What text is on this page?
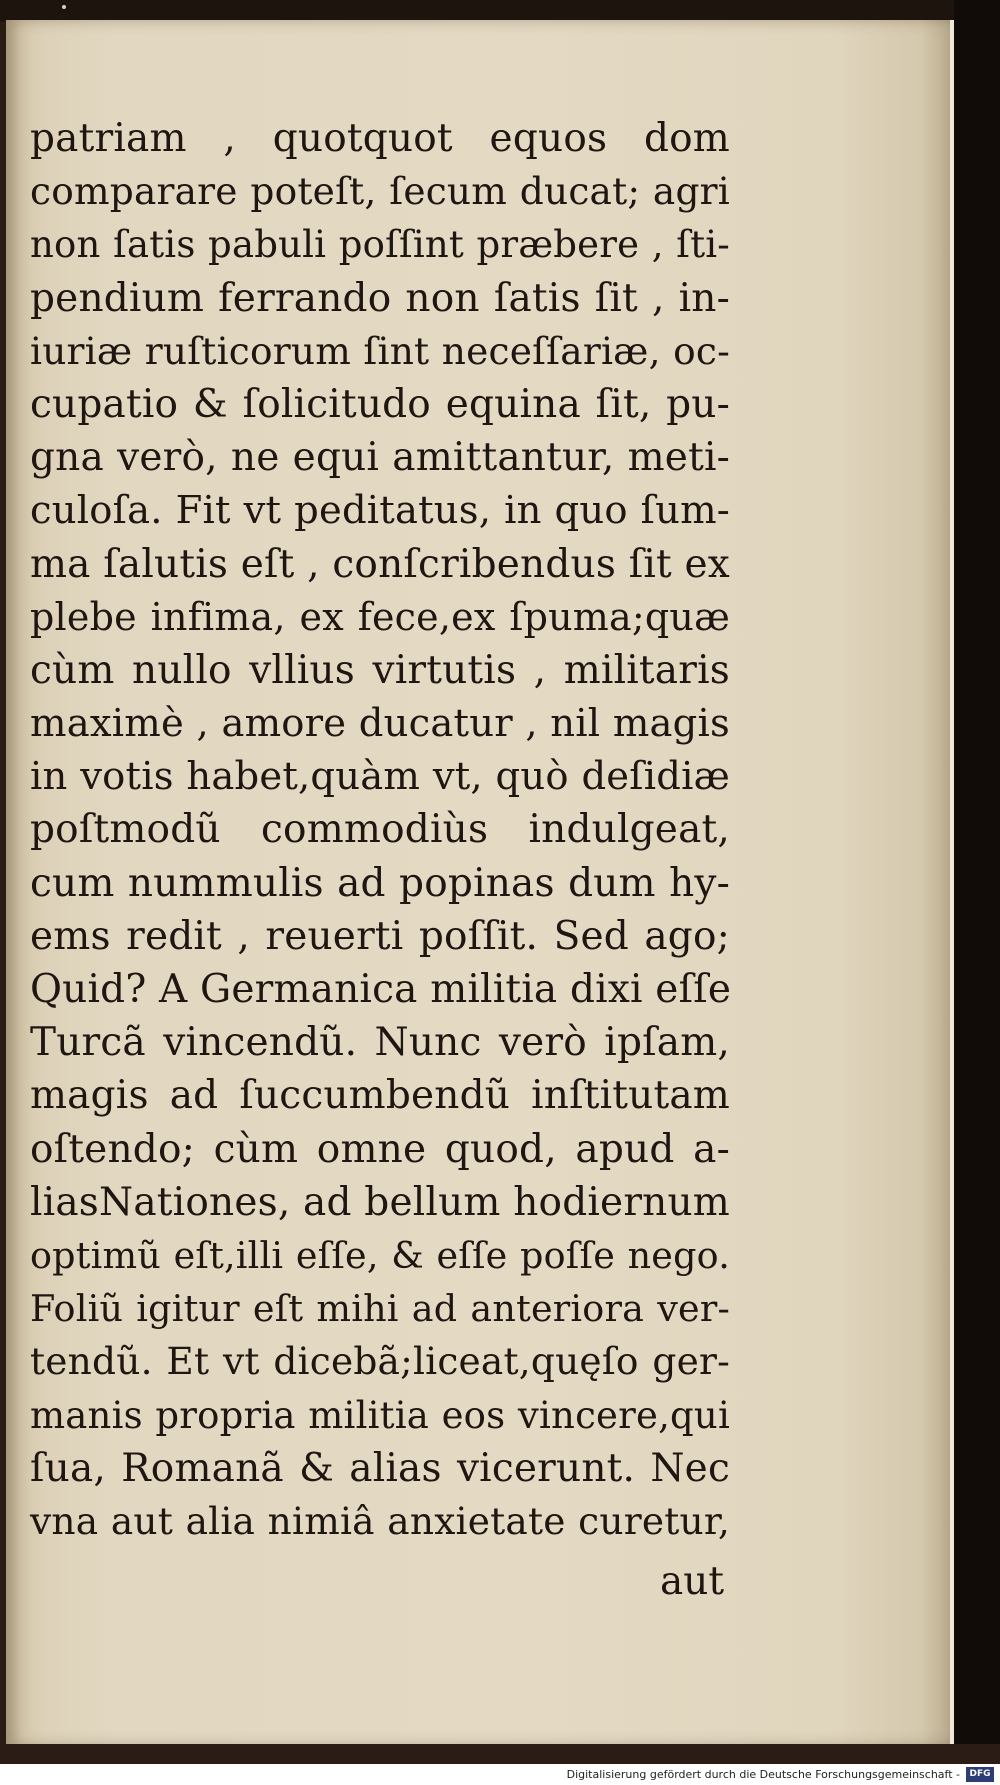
patriam , quotquot equos dom
comparare poteſt, ſecum ducat; agri
non ſatis pabuli poſſint præbere , ſti-
pendium ferrando non ſatis ſit , in-
iuriæ ruſticorum ſint neceſſariæ, oc-
cupatio & ſolicitudo equina ſit, pu-
gna verò, ne equi amittantur, meti-
culoſa. Fit vt peditatus, in quo ſum-
ma ſalutis eſt , conſcribendus ſit ex
plebe infima, ex fece,ex ſpuma;quæ
cùm nullo vllius virtutis , militaris
maximè , amore ducatur , nil magis
in votis habet,quàm vt, quò deſidiæ
poſtmodũ commodiùs indulgeat,
cum nummulis ad popinas dum hy-
ems redit , reuerti poſſit. Sed ago;
Quid? A Germanica militia dixi eſſe
Turcã vincendũ. Nunc verò ipſam,
magis ad ſuccumbendũ inſtitutam
oſtendo; cùm omne quod, apud a-
liasNationes, ad bellum hodiernum
optimũ eſt,illi eſſe, & eſſe poſſe nego.
Foliũ igitur eſt mihi ad anteriora ver-
tendũ. Et vt dicebã;liceat,quęſo ger-
manis propria militia eos vincere,qui
ſua, Romanã & alias vicerunt. Nec
vna aut alia nimiâ anxietate curetur,
aut
Digitalisierung gefördert durch die Deutsche Forschungsgemeinschaft -	DFG
